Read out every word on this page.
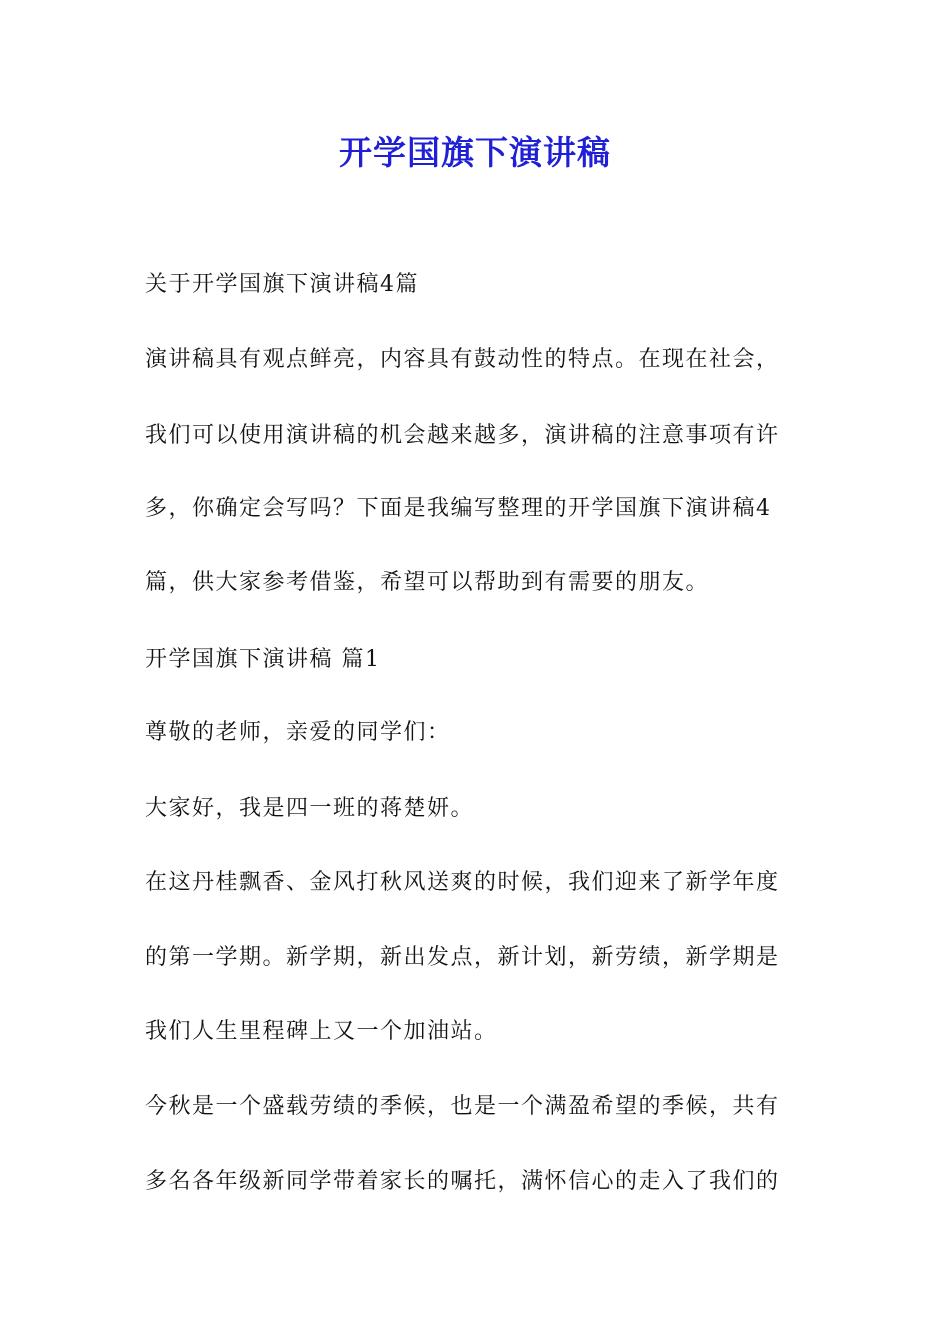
开学国旗下演讲稿

关于开学国旗下演讲稿4篇

演讲稿具有观点鲜亮，内容具有鼓动性的特点。在现在社会，

我们可以使用演讲稿的机会越来越多，演讲稿的注意事项有许

多，你确定会写吗？下面是我编写整理的开学国旗下演讲稿4

篇，供大家参考借鉴，希望可以帮助到有需要的朋友。

开学国旗下演讲稿 篇1

尊敬的老师，亲爱的同学们：

大家好，我是四一班的蒋楚妍。

在这丹桂飘香、金风打秋风送爽的时候，我们迎来了新学年度

的第一学期。新学期，新出发点，新计划，新劳绩，新学期是

我们人生里程碑上又一个加油站。

今秋是一个盛载劳绩的季候，也是一个满盈希望的季候，共有

多名各年级新同学带着家长的嘱托，满怀信心的走入了我们的
